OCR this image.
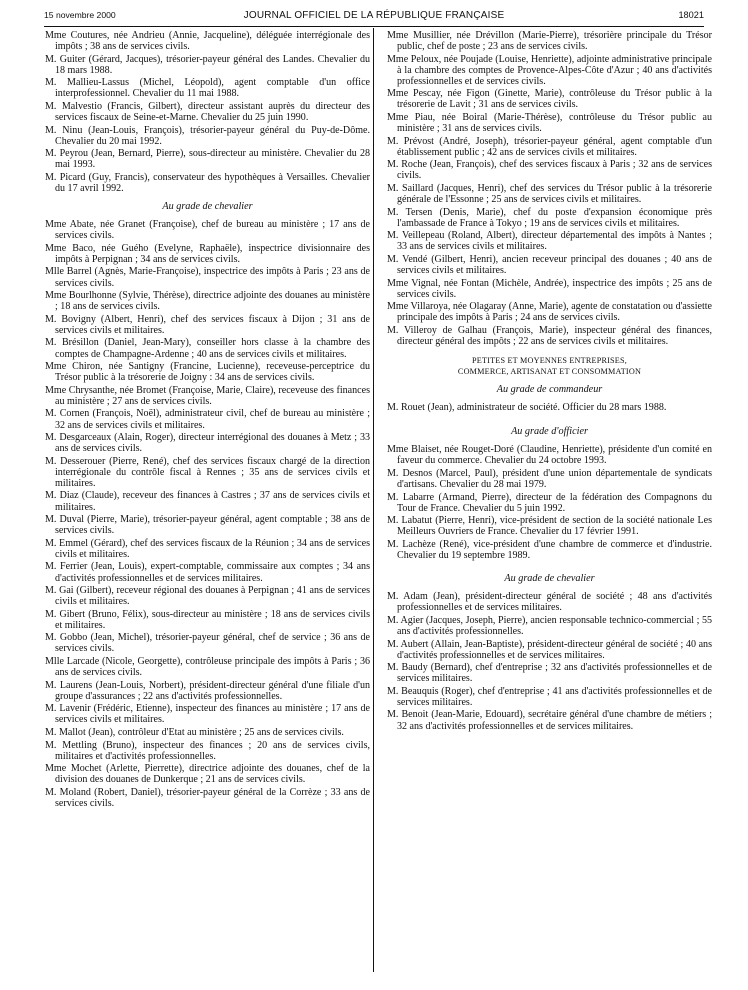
15 novembre 2000	JOURNAL OFFICIEL DE LA RÉPUBLIQUE FRANÇAISE	18021

Mme Coutures, née Andrieu (Annie, Jacqueline), déléguée interrégionale des impôts ; 38 ans de services civils.

M. Guiter (Gérard, Jacques), trésorier-payeur général des Landes. Chevalier du 18 mars 1988.

M. Mallieu-Lassus (Michel, Léopold), agent comptable d'un office interprofessionnel. Chevalier du 11 mai 1988.

M. Malvestio (Francis, Gilbert), directeur assistant auprès du directeur des services fiscaux de Seine-et-Marne. Chevalier du 25 juin 1990.

M. Ninu (Jean-Louis, François), trésorier-payeur général du Puy-de-Dôme. Chevalier du 20 mai 1992.

M. Peyrou (Jean, Bernard, Pierre), sous-directeur au ministère. Chevalier du 28 mai 1993.

M. Picard (Guy, Francis), conservateur des hypothèques à Versailles. Chevalier du 17 avril 1992.

Au grade de chevalier

Mme Abate, née Granet (Françoise), chef de bureau au ministère ; 17 ans de services civils.

Mme Baco, née Guého (Evelyne, Raphaële), inspectrice divisionnaire des impôts à Perpignan ; 34 ans de services civils.

Mlle Barrel (Agnès, Marie-Françoise), inspectrice des impôts à Paris ; 23 ans de services civils.

Mme Bourlhonne (Sylvie, Thérèse), directrice adjointe des douanes au ministère ; 18 ans de services civils.

M. Bovigny (Albert, Henri), chef des services fiscaux à Dijon ; 31 ans de services civils et militaires.

M. Brésillon (Daniel, Jean-Mary), conseiller hors classe à la chambre des comptes de Champagne-Ardenne ; 40 ans de services civils et militaires.

Mme Chiron, née Santigny (Francine, Lucienne), receveuse-perceptrice du Trésor public à la trésorerie de Joigny : 34 ans de services civils.

Mme Chrysanthe, née Bromet (Françoise, Marie, Claire), receveuse des finances au ministère ; 27 ans de services civils.

M. Cornen (François, Noël), administrateur civil, chef de bureau au ministère ; 32 ans de services civils et militaires.

M. Desgarceaux (Alain, Roger), directeur interrégional des douanes à Metz ; 33 ans de services civils.

M. Desserouer (Pierre, René), chef des services fiscaux chargé de la direction interrégionale du contrôle fiscal à Rennes ; 35 ans de services civils et militaires.

M. Diaz (Claude), receveur des finances à Castres ; 37 ans de services civils et militaires.

M. Duval (Pierre, Marie), trésorier-payeur général, agent comptable ; 38 ans de services civils.

M. Emmel (Gérard), chef des services fiscaux de la Réunion ; 34 ans de services civils et militaires.

M. Ferrier (Jean, Louis), expert-comptable, commissaire aux comptes ; 34 ans d'activités professionnelles et de services militaires.

M. Gai (Gilbert), receveur régional des douanes à Perpignan ; 41 ans de services civils et militaires.

M. Gibert (Bruno, Félix), sous-directeur au ministère ; 18 ans de services civils et militaires.

M. Gobbo (Jean, Michel), trésorier-payeur général, chef de service ; 36 ans de services civils.

Mlle Larcade (Nicole, Georgette), contrôleuse principale des impôts à Paris ; 36 ans de services civils.

M. Laurens (Jean-Louis, Norbert), président-directeur général d'une filiale d'un groupe d'assurances ; 22 ans d'activités professionnelles.

M. Lavenir (Frédéric, Etienne), inspecteur des finances au ministère ; 17 ans de services civils et militaires.

M. Mallot (Jean), contrôleur d'Etat au ministère ; 25 ans de services civils.

M. Mettling (Bruno), inspecteur des finances ; 20 ans de services civils, militaires et d'activités professionnelles.

Mme Mochet (Arlette, Pierrette), directrice adjointe des douanes, chef de la division des douanes de Dunkerque ; 21 ans de services civils.

M. Moland (Robert, Daniel), trésorier-payeur général de la Corrèze ; 33 ans de services civils.

Mme Musillier, née Drévillon (Marie-Pierre), trésorière principale du Trésor public, chef de poste ; 23 ans de services civils.

Mme Peloux, née Poujade (Louise, Henriette), adjointe administrative principale à la chambre des comptes de Provence-Alpes-Côte d'Azur ; 40 ans d'activités professionnelles et de services civils.

Mme Pescay, née Figon (Ginette, Marie), contrôleuse du Trésor public à la trésorerie de Lavit ; 31 ans de services civils.

Mme Piau, née Boiral (Marie-Thérèse), contrôleuse du Trésor public au ministère ; 31 ans de services civils.

M. Prévost (André, Joseph), trésorier-payeur général, agent comptable d'un établissement public ; 42 ans de services civils et militaires.

M. Roche (Jean, François), chef des services fiscaux à Paris ; 32 ans de services civils.

M. Saillard (Jacques, Henri), chef des services du Trésor public à la trésorerie générale de l'Essonne ; 25 ans de services civils et militaires.

M. Tersen (Denis, Marie), chef du poste d'expansion économique près l'ambassade de France à Tokyo ; 19 ans de services civils et militaires.

M. Veillepeau (Roland, Albert), directeur départemental des impôts à Nantes ; 33 ans de services civils et militaires.

M. Vendé (Gilbert, Henri), ancien receveur principal des douanes ; 40 ans de services civils et militaires.

Mme Vignal, née Fontan (Michèle, Andrée), inspectrice des impôts ; 25 ans de services civils.

Mme Villaroya, née Olagaray (Anne, Marie), agente de constatation ou d'assiette principale des impôts à Paris ; 24 ans de services civils.

M. Villeroy de Galhau (François, Marie), inspecteur général des finances, directeur général des impôts ; 22 ans de services civils et militaires.

PETITES ET MOYENNES ENTREPRISES,
COMMERCE, ARTISANAT ET CONSOMMATION
Au grade de commandeur

M. Rouet (Jean), administrateur de société. Officier du 28 mars 1988.

Au grade d'officier

Mme Blaiset, née Rouget-Doré (Claudine, Henriette), présidente d'un comité en faveur du commerce. Chevalier du 24 octobre 1993.

M. Desnos (Marcel, Paul), président d'une union départementale de syndicats d'artisans. Chevalier du 28 mai 1979.

M. Labarre (Armand, Pierre), directeur de la fédération des Compagnons du Tour de France. Chevalier du 5 juin 1992.

M. Labatut (Pierre, Henri), vice-président de section de la société nationale Les Meilleurs Ouvriers de France. Chevalier du 17 février 1991.

M. Lachèze (René), vice-président d'une chambre de commerce et d'industrie. Chevalier du 19 septembre 1989.

Au grade de chevalier

M. Adam (Jean), président-directeur général de société ; 48 ans d'activités professionnelles et de services militaires.

M. Agier (Jacques, Joseph, Pierre), ancien responsable technico-commercial ; 55 ans d'activités professionnelles.

M. Aubert (Allain, Jean-Baptiste), président-directeur général de société ; 40 ans d'activités professionnelles et de services militaires.

M. Baudy (Bernard), chef d'entreprise ; 32 ans d'activités professionnelles et de services militaires.

M. Beauquis (Roger), chef d'entreprise ; 41 ans d'activités professionnelles et de services militaires.

M. Benoit (Jean-Marie, Edouard), secrétaire général d'une chambre de métiers ; 32 ans d'activités professionnelles et de services militaires.
